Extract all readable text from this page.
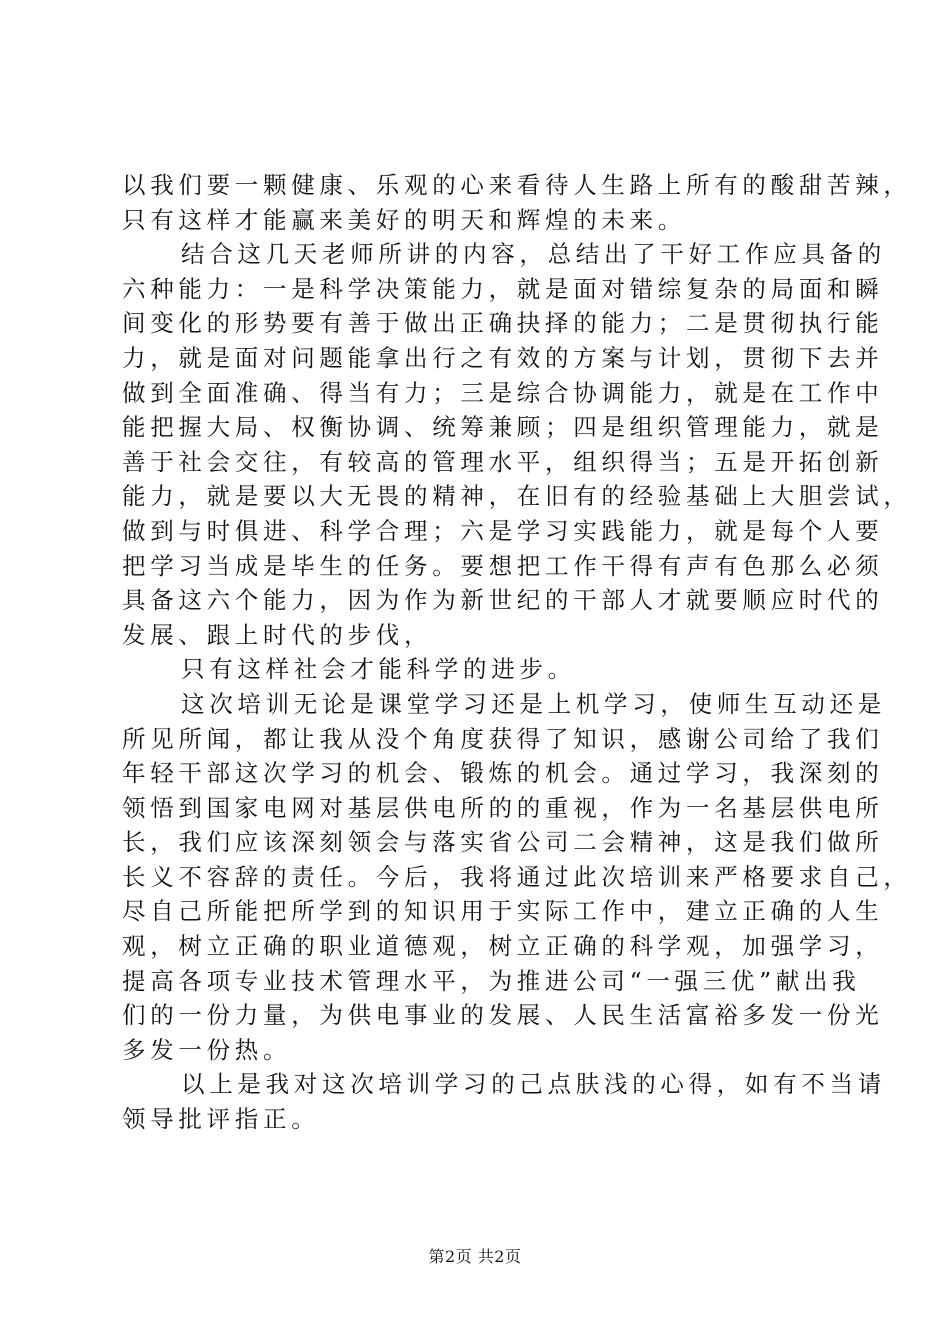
以我们要一颗健康、乐观的心来看待人生路上所有的酸甜苦辣，
只有这样才能赢来美好的明天和辉煌的未来。
结合这几天老师所讲的内容，总结出了干好工作应具备的
六种能力：一是科学决策能力，就是面对错综复杂的局面和瞬
间变化的形势要有善于做出正确抉择的能力；二是贯彻执行能
力，就是面对问题能拿出行之有效的方案与计划，贯彻下去并
做到全面准确、得当有力；三是综合协调能力，就是在工作中
能把握大局、权衡协调、统筹兼顾；四是组织管理能力，就是
善于社会交往，有较高的管理水平，组织得当；五是开拓创新
能力，就是要以大无畏的精神，在旧有的经验基础上大胆尝试，
做到与时俱进、科学合理；六是学习实践能力，就是每个人要
把学习当成是毕生的任务。要想把工作干得有声有色那么必须
具备这六个能力，因为作为新世纪的干部人才就要顺应时代的
发展、跟上时代的步伐，
只有这样社会才能科学的进步。
这次培训无论是课堂学习还是上机学习，使师生互动还是
所见所闻，都让我从没个角度获得了知识，感谢公司给了我们
年轻干部这次学习的机会、锻炼的机会。通过学习，我深刻的
领悟到国家电网对基层供电所的的重视，作为一名基层供电所
长，我们应该深刻领会与落实省公司二会精神，这是我们做所
长义不容辞的责任。今后，我将通过此次培训来严格要求自己，
尽自己所能把所学到的知识用于实际工作中，建立正确的人生
观，树立正确的职业道德观，树立正确的科学观，加强学习，
提高各项专业技术管理水平，为推进公司“一强三优”献出我
们的一份力量，为供电事业的发展、人民生活富裕多发一份光
多发一份热。
以上是我对这次培训学习的己点肤浅的心得，如有不当请
领导批评指正。
第2页 共2页
